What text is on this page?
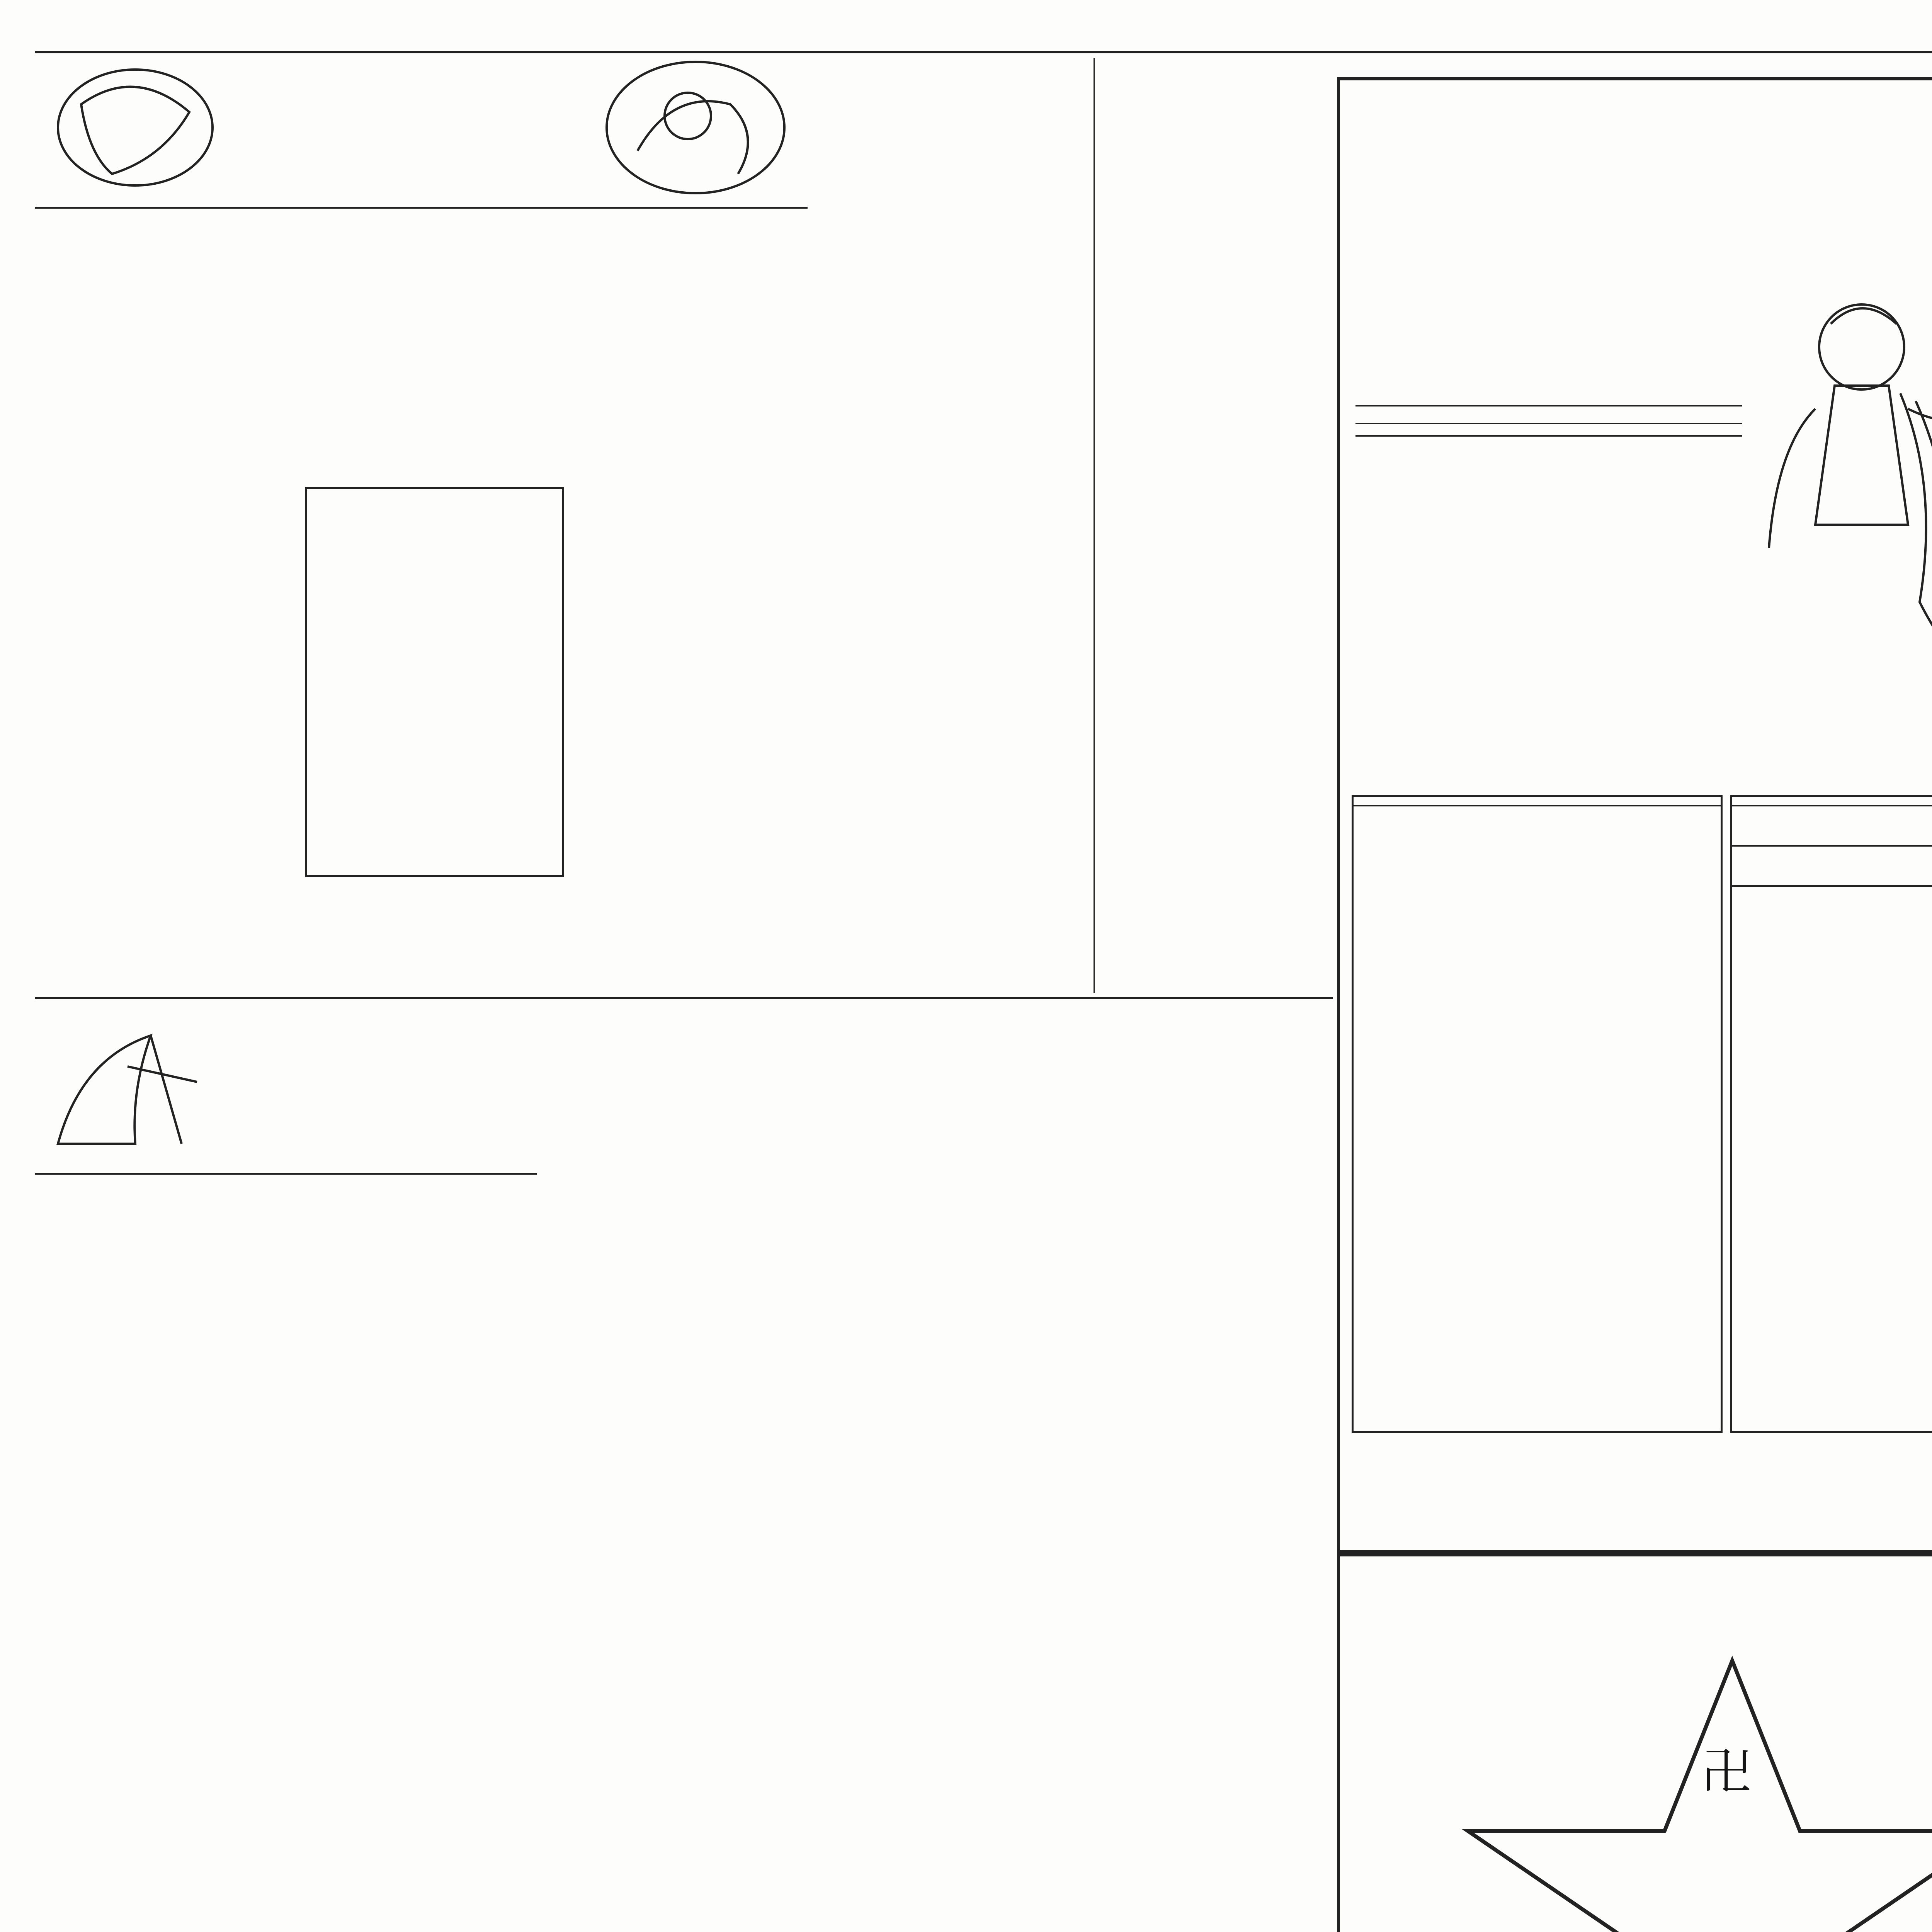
卍
